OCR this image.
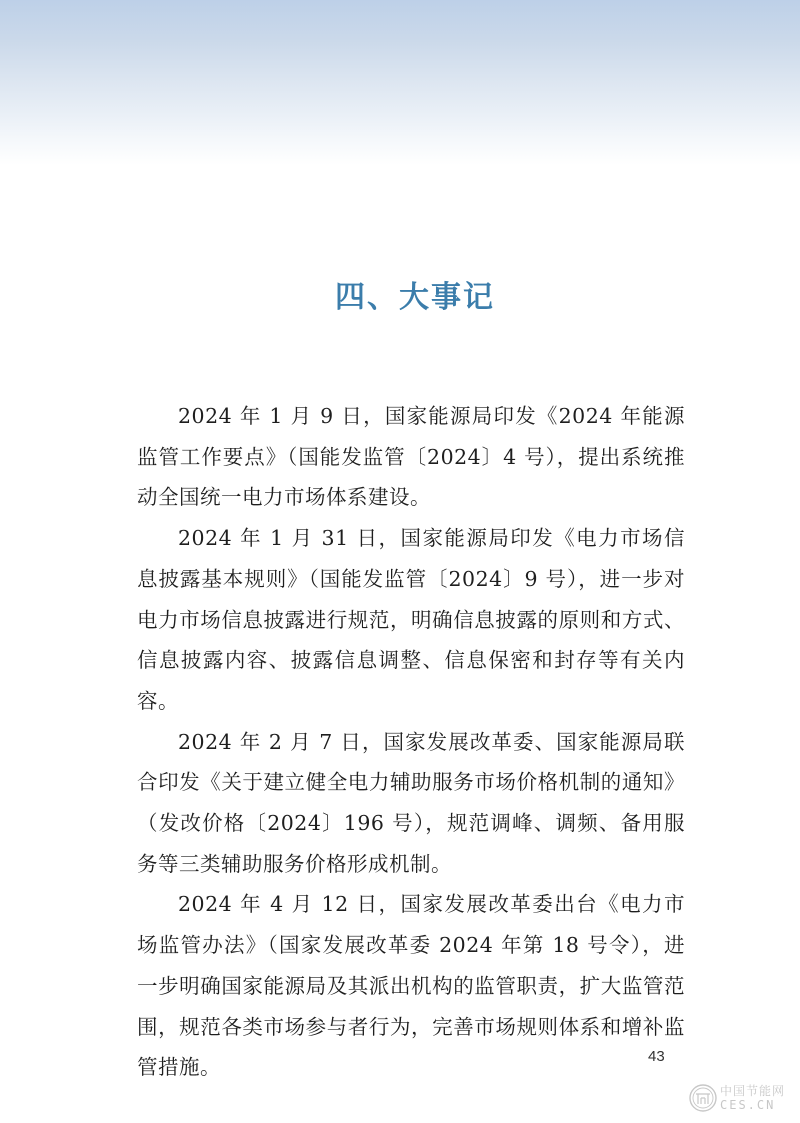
四、大事记

2024 年 1 月 9 日，国家能源局印发《2024 年能源监管工作要点》（国能发监管〔2024〕4 号），提出系统推动全国统一电力市场体系建设。

2024 年 1 月 31 日，国家能源局印发《电力市场信息披露基本规则》（国能发监管〔2024〕9 号），进一步对电力市场信息披露进行规范，明确信息披露的原则和方式、信息披露内容、披露信息调整、信息保密和封存等有关内容。

2024 年 2 月 7 日，国家发展改革委、国家能源局联合印发《关于建立健全电力辅助服务市场价格机制的通知》（发改价格〔2024〕196 号），规范调峰、调频、备用服务等三类辅助服务价格形成机制。

2024 年 4 月 12 日，国家发展改革委出台《电力市场监管办法》（国家发展改革委 2024 年第 18 号令），进一步明确国家能源局及其派出机构的监管职责，扩大监管范围，规范各类市场参与者行为，完善市场规则体系和增补监管措施。	43
中国节能网
CES.CN
